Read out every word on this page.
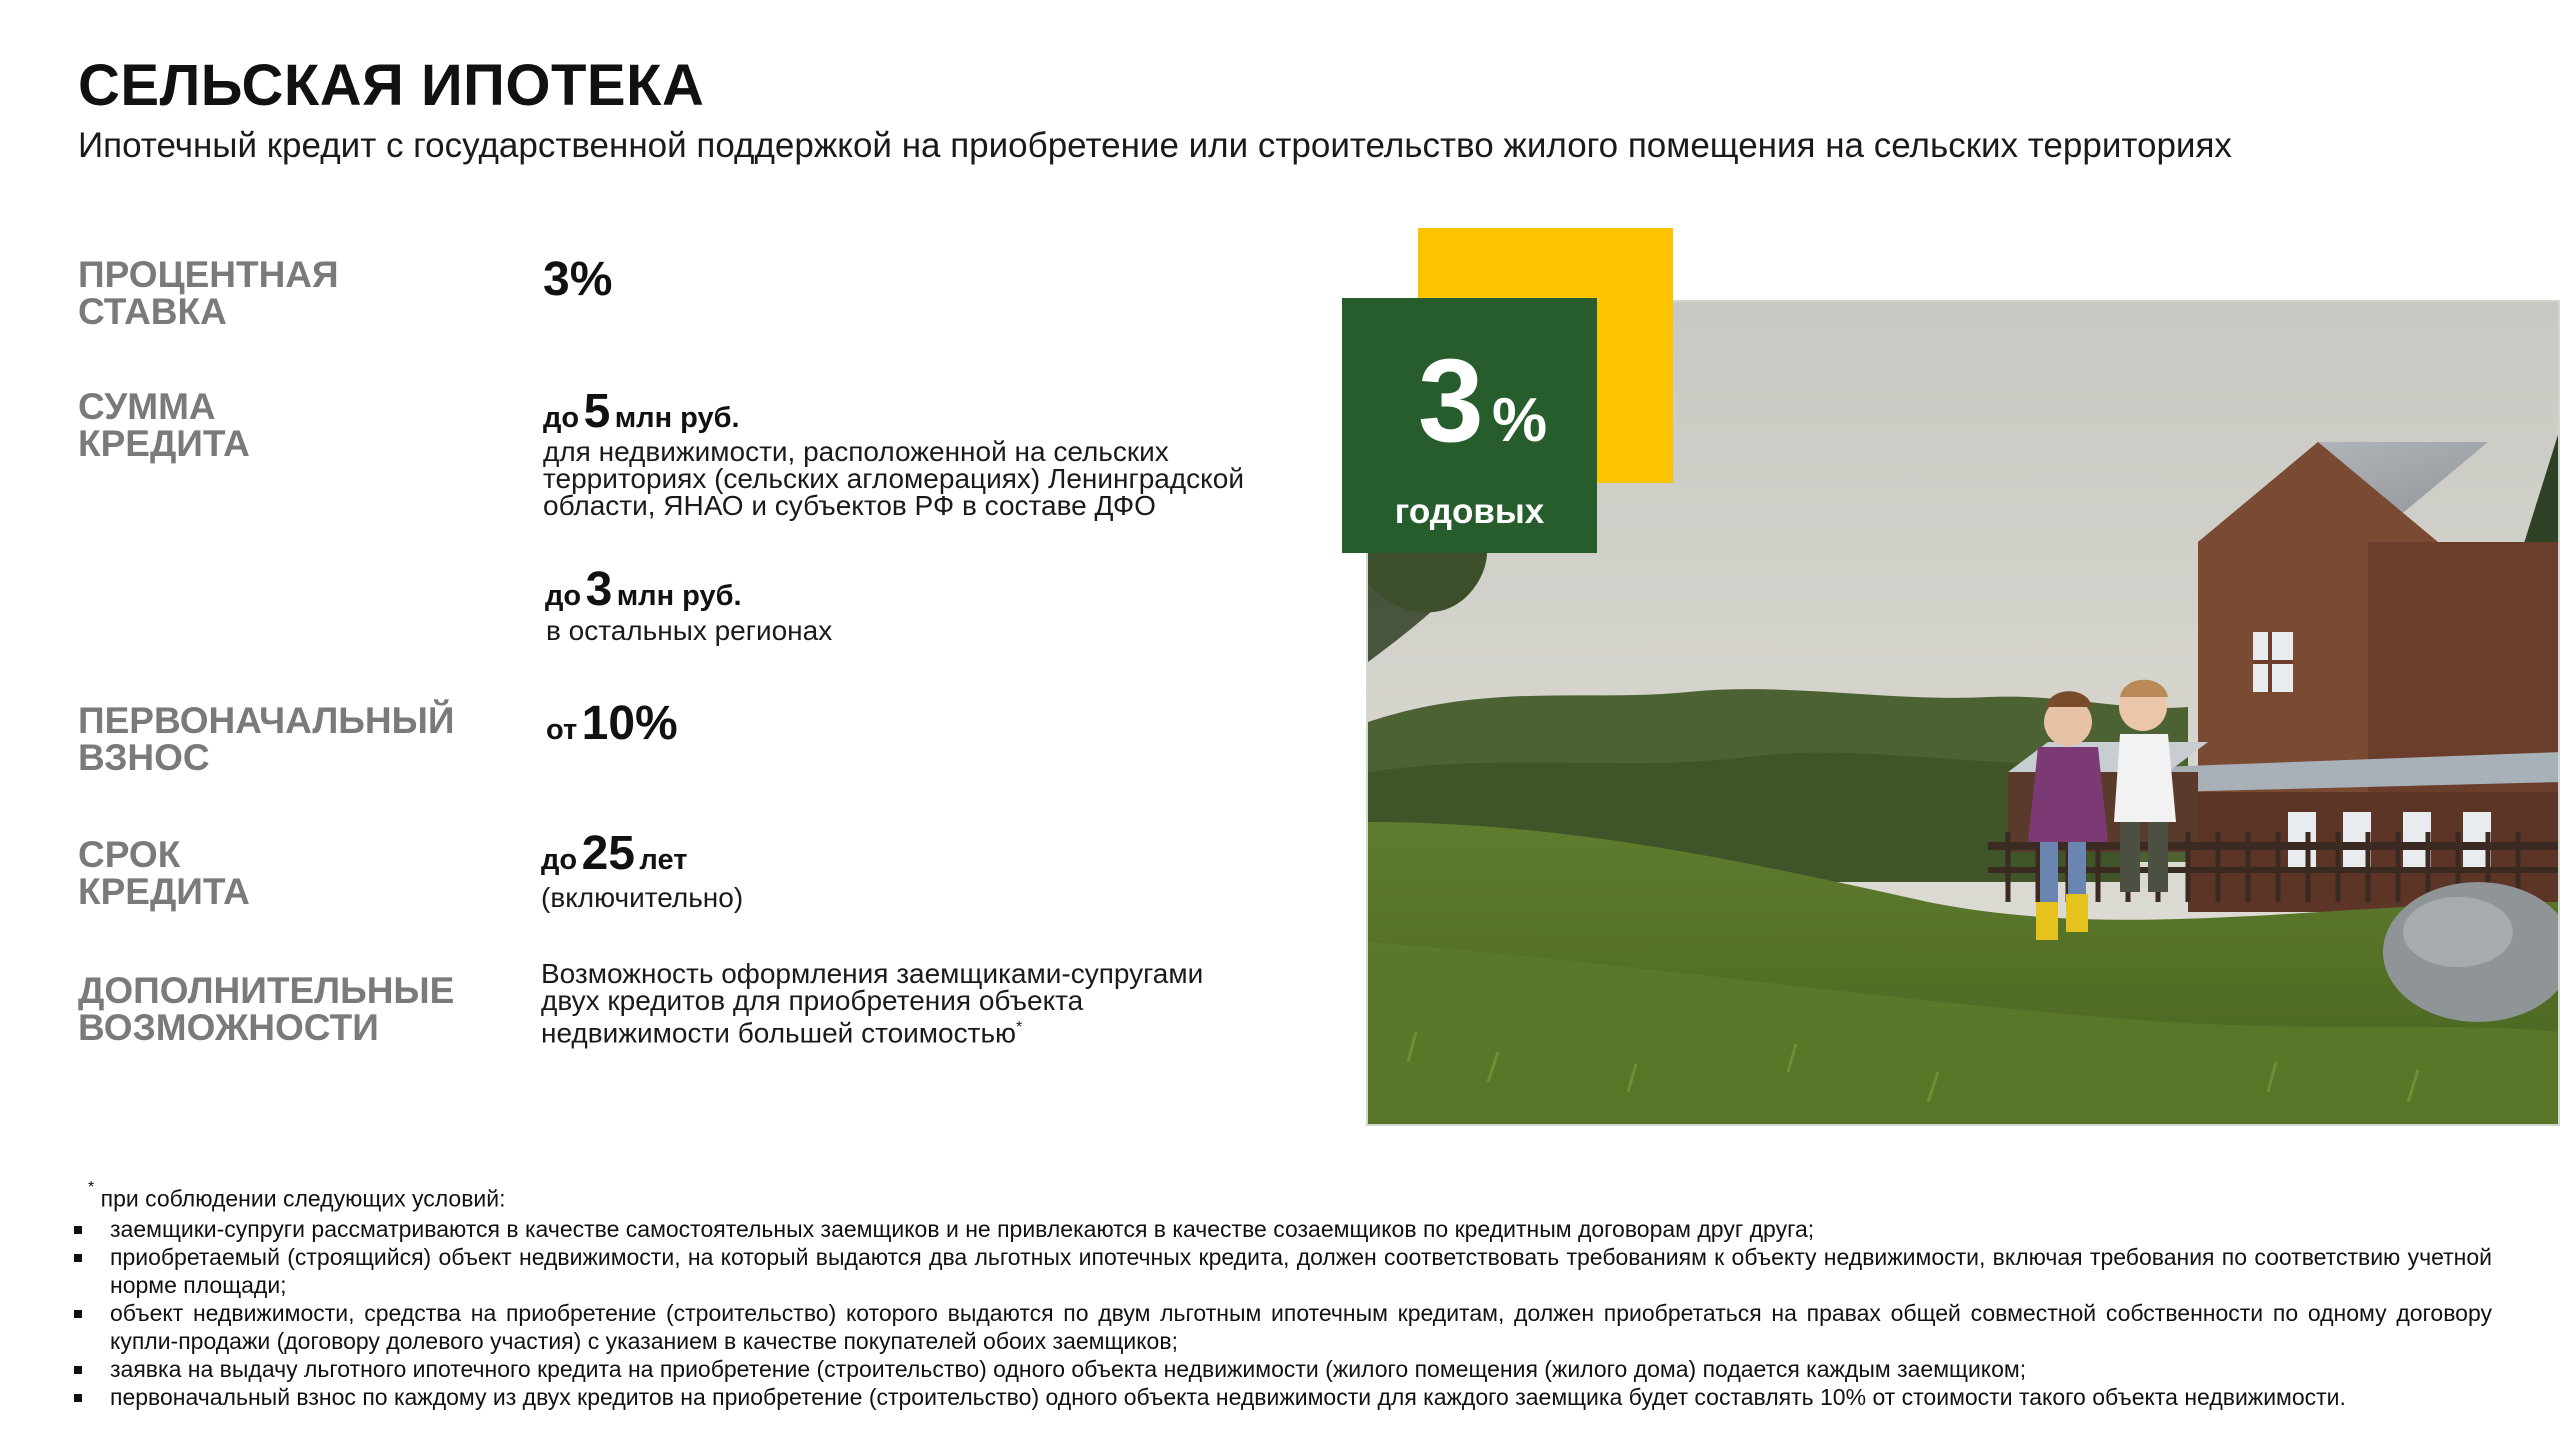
СЕЛЬСКАЯ ИПОТЕКА
Ипотечный кредит с государственной поддержкой на приобретение или строительство жилого помещения на сельских территориях
ПРОЦЕНТНАЯ
СТАВКА
3%
СУММА
КРЕДИТА
до 5 млн руб.
для недвижимости, расположенной на сельских
территориях (сельских агломерациях) Ленинградской
области, ЯНАО и субъектов РФ в составе ДФО
до 3 млн руб.
в остальных регионах
ПЕРВОНАЧАЛЬНЫЙ
ВЗНОС
от 10%
СРОК
КРЕДИТА
до 25 лет
(включительно)
ДОПОЛНИТЕЛЬНЫЕ
ВОЗМОЖНОСТИ
Возможность оформления заемщиками-супругами
двух кредитов для приобретения объекта
недвижимости большей стоимостью*
3 %
годовых
* при соблюдении следующих условий:
заемщики-супруги рассматриваются в качестве самостоятельных заемщиков и не привлекаются в качестве созаемщиков по кредитным договорам друг друга;
приобретаемый (строящийся) объект недвижимости, на который выдаются два льготных ипотечных кредита, должен соответствовать требованиям к объекту недвижимости, включая требования по соответствию учетной норме площади;
объект недвижимости, средства на приобретение (строительство) которого выдаются по двум льготным ипотечным кредитам, должен приобретаться на правах общей совместной собственности по одному договору купли-продажи (договору долевого участия) с указанием в качестве покупателей обоих заемщиков;
заявка на выдачу льготного ипотечного кредита на приобретение (строительство) одного объекта недвижимости (жилого помещения (жилого дома) подается каждым заемщиком;
первоначальный взнос по каждому из двух кредитов на приобретение (строительство) одного объекта недвижимости для каждого заемщика будет составлять 10% от стоимости такого объекта недвижимости.
